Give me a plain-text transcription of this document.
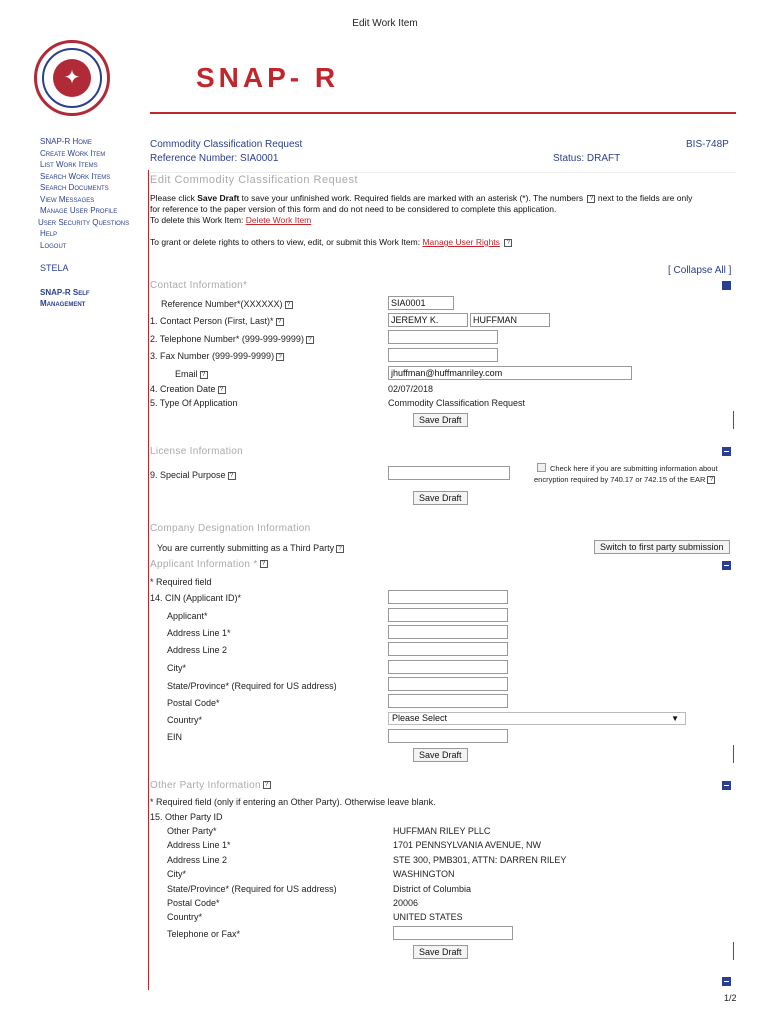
Edit Work Item
✦	SNAP- R
SNAP-R Home
Create Work Item
List Work Items
Search Work Items
Search Documents
View Messages
Manage User Profile
User Security Questions
Help
Logout
STELA
SNAP-R Self
Management
Commodity Classification Request
Reference Number: SIA0001
BIS-748P
Status: DRAFT
Edit Commodity Classification Request
Please click Save Draft to save your unfinished work. Required fields are marked with an asterisk (*). The numbers ? next to the fields are only
for reference to the paper version of this form and do not need to be considered to complete this application.
To delete this Work Item: Delete Work Item
To grant or delete rights to others to view, edit, or submit this Work Item: Manage User Rights ?
[ Collapse All ]
Contact Information*
Reference Number*(XXXXXX) ?	SIA0001
1. Contact Person (First, Last)* ?	JEREMY K.	HUFFMAN
2. Telephone Number* (999-999-9999) ?
3. Fax Number (999-999-9999) ?
Email ?	jhuffman@huffmanriley.com
4. Creation Date ?	02/07/2018
5. Type Of Application	Commodity Classification Request
Save Draft
License Information
9. Special Purpose ?
Check here if you are submitting information about
encryption required by 740.17 or 742.15 of the EAR ?
Save Draft
Company Designation Information
You are currently submitting as a Third Party ?	Switch to first party submission
Applicant Information * ?
* Required field
14. CIN (Applicant ID)*
Applicant*
Address Line 1*
Address Line 2
City*
State/Province* (Required for US address)
Postal Code*
Country*	Please Select	▼
EIN
Save Draft
Other Party Information ?
* Required field (only if entering an Other Party). Otherwise leave blank.
15. Other Party ID
Other Party*	HUFFMAN RILEY PLLC
Address Line 1*	1701 PENNSYLVANIA AVENUE, NW
Address Line 2	STE 300, PMB301, ATTN: DARREN RILEY
City*	WASHINGTON
State/Province* (Required for US address)	District of Columbia
Postal Code*	20006
Country*	UNITED STATES
Telephone or Fax*
Save Draft
1/2
